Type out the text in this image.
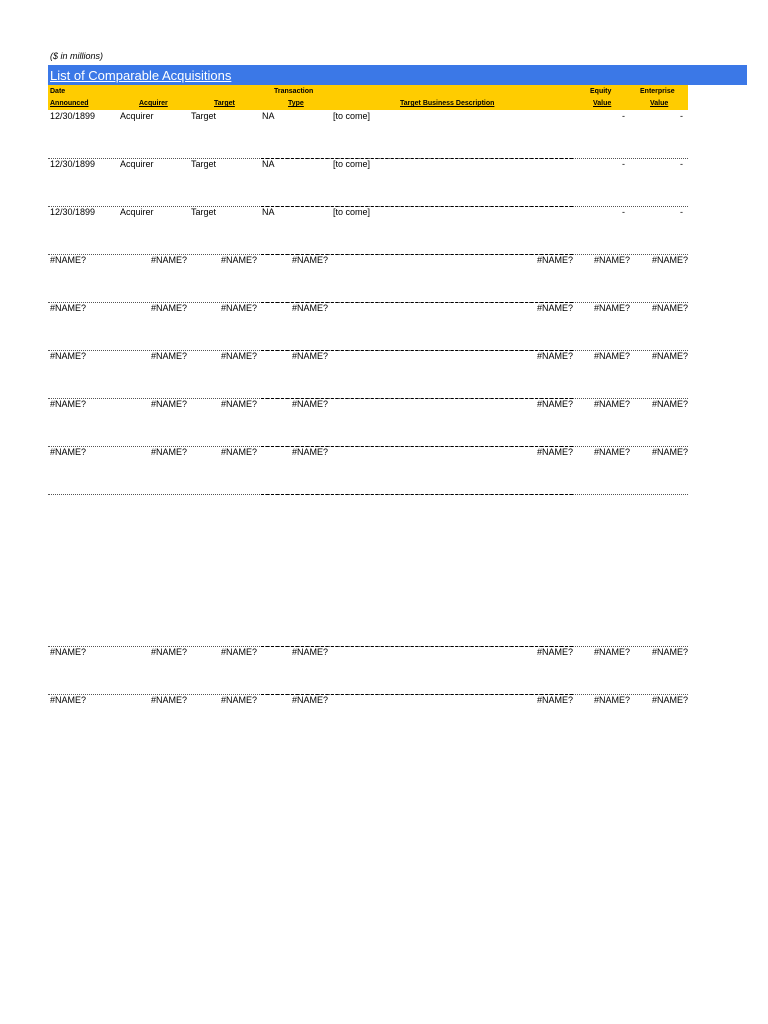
($ in millions)
List of Comparable Acquisitions
Date
Announced	Acquirer	Target
Transaction
Type	Target Business Description
Equity
Value
Enterprise
Value
12/30/1899	Acquirer	Target	NA	[to come]	-	-
12/30/1899	Acquirer	Target	NA	[to come]	-	-
12/30/1899	Acquirer	Target	NA	[to come]	-	-
#NAME?	#NAME?	#NAME?	#NAME?	#NAME? #NAME? #NAME?
#NAME?	#NAME?	#NAME?	#NAME?	#NAME? #NAME? #NAME?
#NAME?	#NAME?	#NAME?	#NAME?	#NAME? #NAME? #NAME?
#NAME?	#NAME?	#NAME?	#NAME?	#NAME? #NAME? #NAME?
#NAME?	#NAME?	#NAME?	#NAME?	#NAME? #NAME? #NAME?
#NAME?	#NAME?	#NAME?	#NAME?	#NAME? #NAME? #NAME?
#NAME?	#NAME?	#NAME?	#NAME?	#NAME? #NAME? #NAME?
